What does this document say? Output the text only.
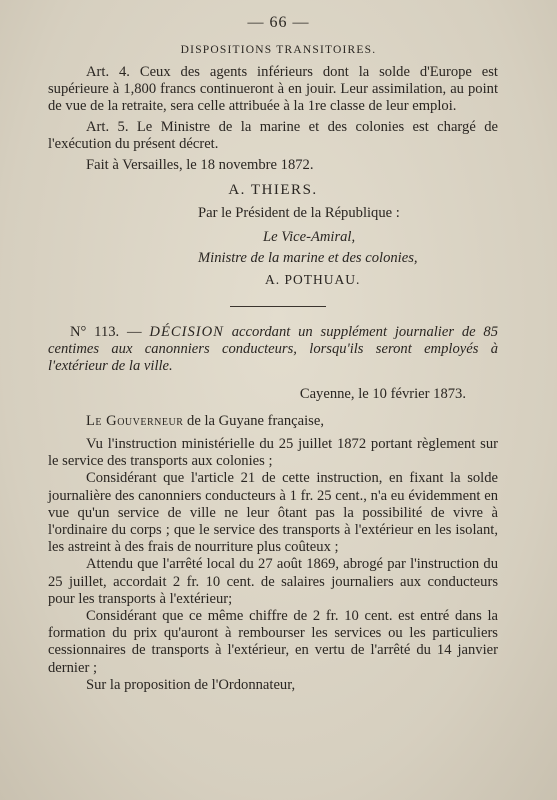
— 66 —
DISPOSITIONS TRANSITOIRES.

Art. 4. Ceux des agents inférieurs dont la solde d'Europe est supérieure à 1,800 francs continueront à en jouir. Leur assimilation, au point de vue de la retraite, sera celle attribuée à la 1re classe de leur emploi.

Art. 5. Le Ministre de la marine et des colonies est chargé de l'exécution du présent décret.

Fait à Versailles, le 18 novembre 1872.

A. THIERS.
Par le Président de la République :
Le Vice-Amiral,
Ministre de la marine et des colonies,
A. POTHUAU.

N° 113. — DÉCISION accordant un supplément journalier de 85 centimes aux canonniers conducteurs, lorsqu'ils seront employés à l'extérieur de la ville.

Cayenne, le 10 février 1873.

Le Gouverneur de la Guyane française,

Vu l'instruction ministérielle du 25 juillet 1872 portant règlement sur le service des transports aux colonies ;

Considérant que l'article 21 de cette instruction, en fixant la solde journalière des canonniers conducteurs à 1 fr. 25 cent., n'a eu évidemment en vue qu'un service de ville ne leur ôtant pas la possibilité de vivre à l'ordinaire du corps ; que le service des transports à l'extérieur en les isolant, les astreint à des frais de nourriture plus coûteux ;

Attendu que l'arrêté local du 27 août 1869, abrogé par l'instruction du 25 juillet, accordait 2 fr. 10 cent. de salaires journaliers aux conducteurs pour les transports à l'extérieur;

Considérant que ce même chiffre de 2 fr. 10 cent. est entré dans la formation du prix qu'auront à rembourser les services ou les particuliers cessionnaires de transports à l'extérieur, en vertu de l'arrêté du 14 janvier dernier ;

Sur la proposition de l'Ordonnateur,
